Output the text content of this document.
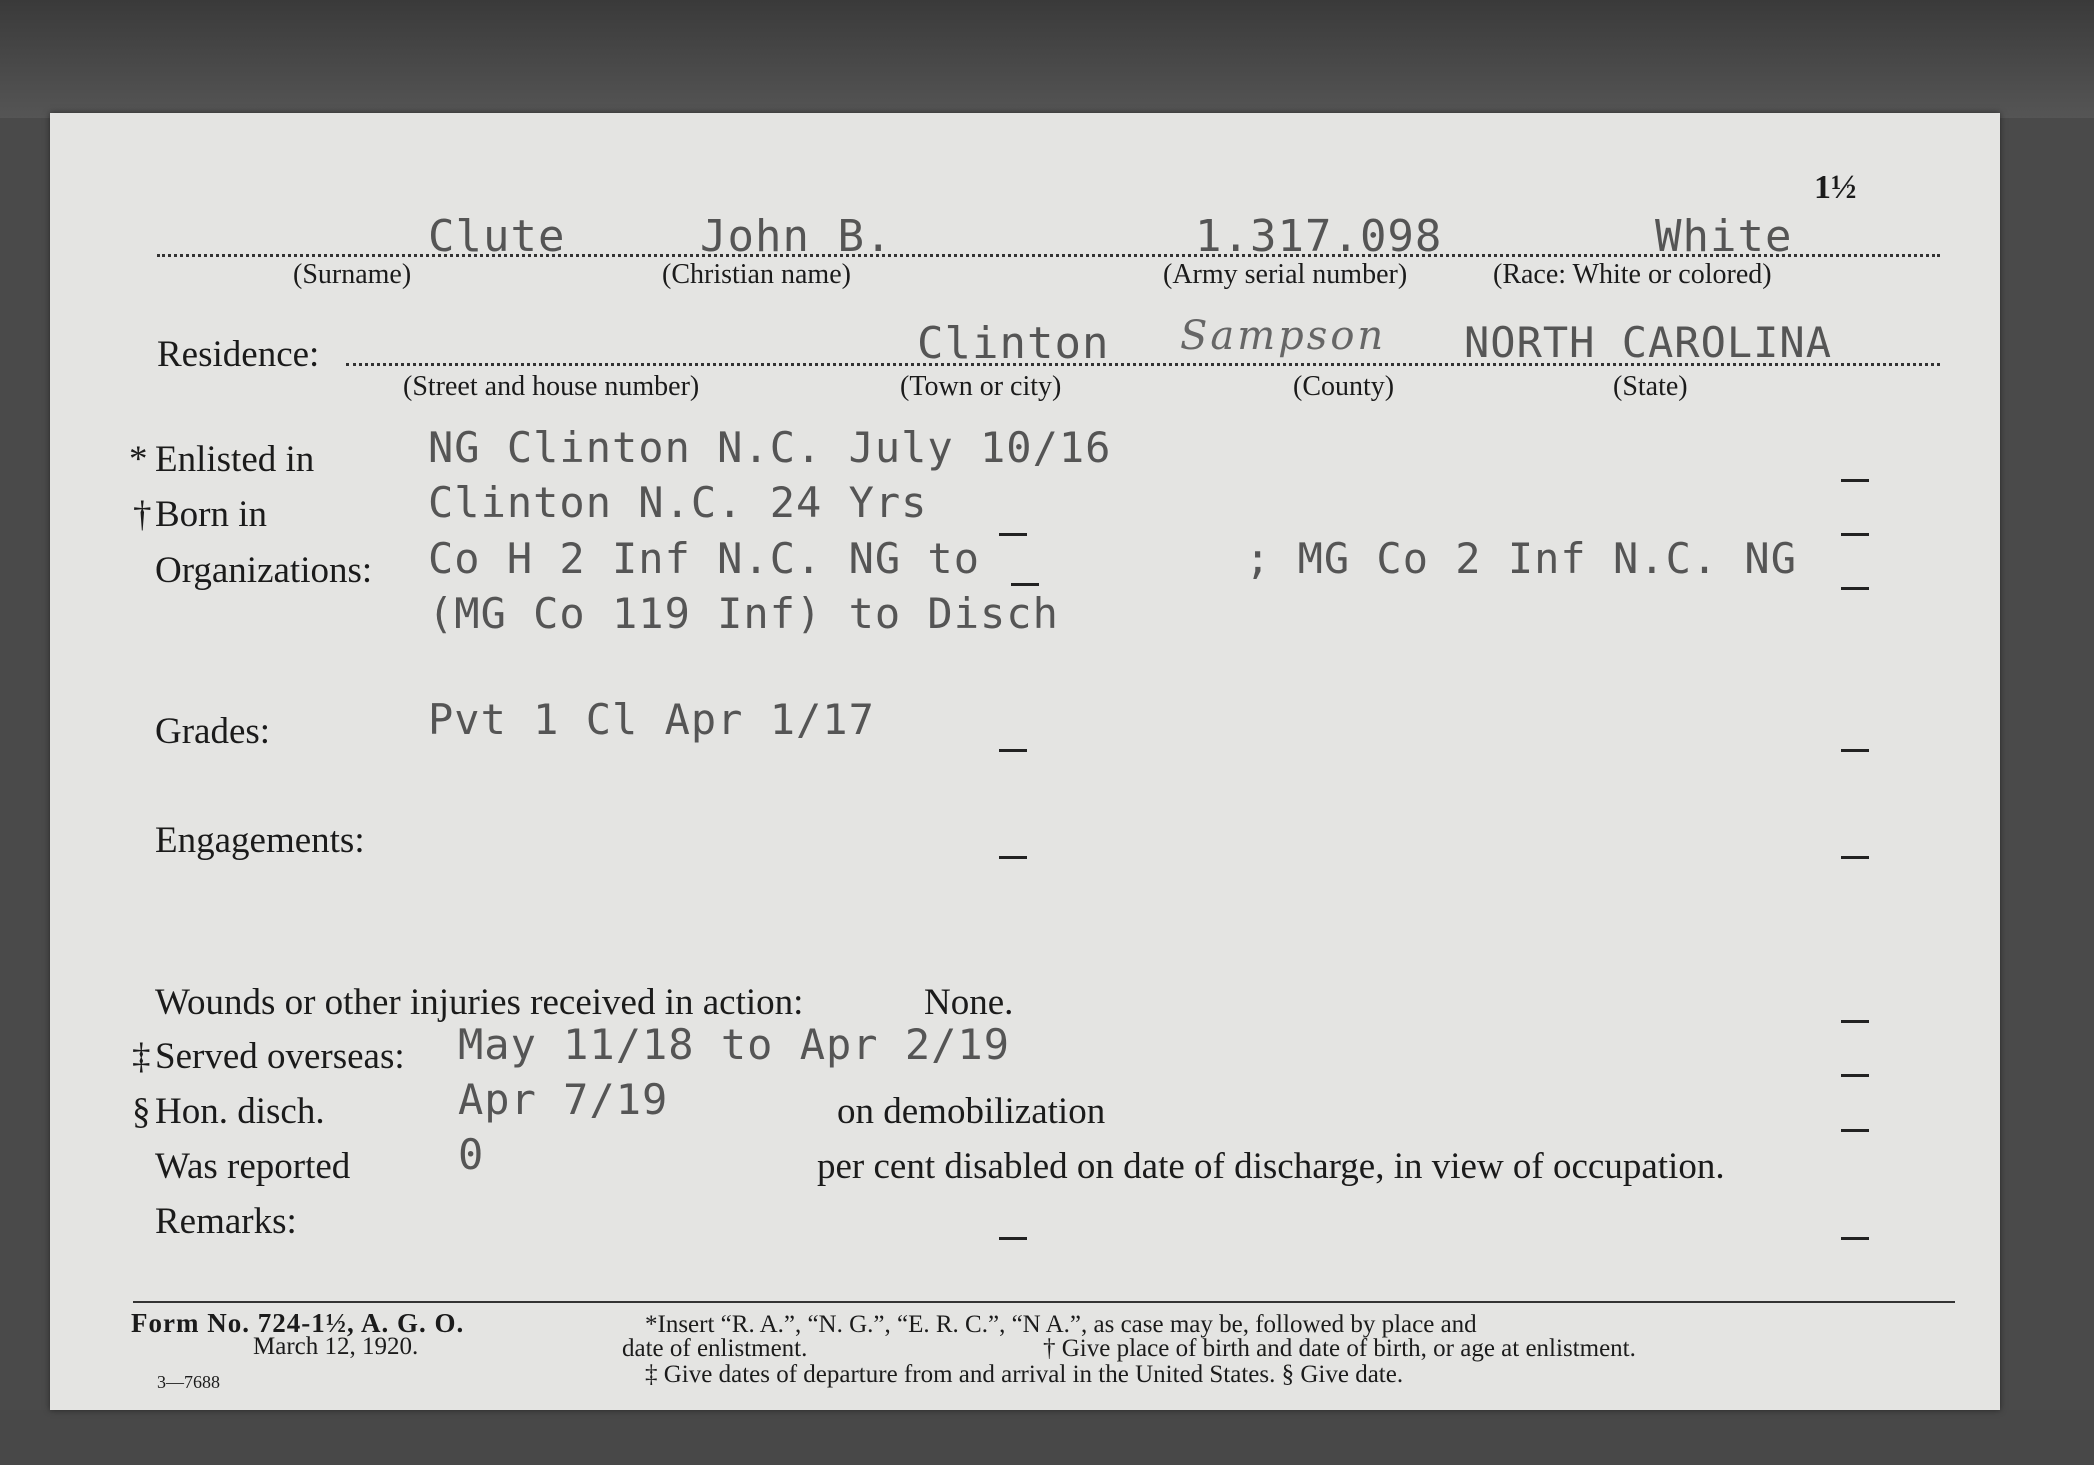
1½
Clute	John B.	1.317.098	White
(Surname)	(Christian name)	(Army serial number)	(Race: White or colored)
Residence:	Clinton Sampson NORTH CAROLINA
(Street and house number)	(Town or city)	(County)	(State)
* Enlisted in	NG Clinton N.C. July 10/16
† Born in	Clinton N.C. 24 Yrs
Organizations: Co H 2 Inf N.C. NG to	; MG Co 2 Inf N.C. NG
(MG Co 119 Inf) to Disch
Grades:	Pvt 1 Cl Apr 1/17
Engagements:
Wounds or other injuries received in action:	None.
‡ Served overseas: May 11/18 to Apr 2/19
§ Hon. disch.	Apr 7/19	on demobilization
Was reported	0	per cent disabled on date of discharge, in view of occupation.
Remarks:
Form No. 724-1½, A. G. O.
March 12, 1920.
3—7688
*Insert “R. A.”, “N. G.”, “E. R. C.”, “N A.”, as case may be, followed by place and
date of enlistment.	† Give place of birth and date of birth, or age at enlistment.
‡ Give dates of departure from and arrival in the United States. § Give date.
